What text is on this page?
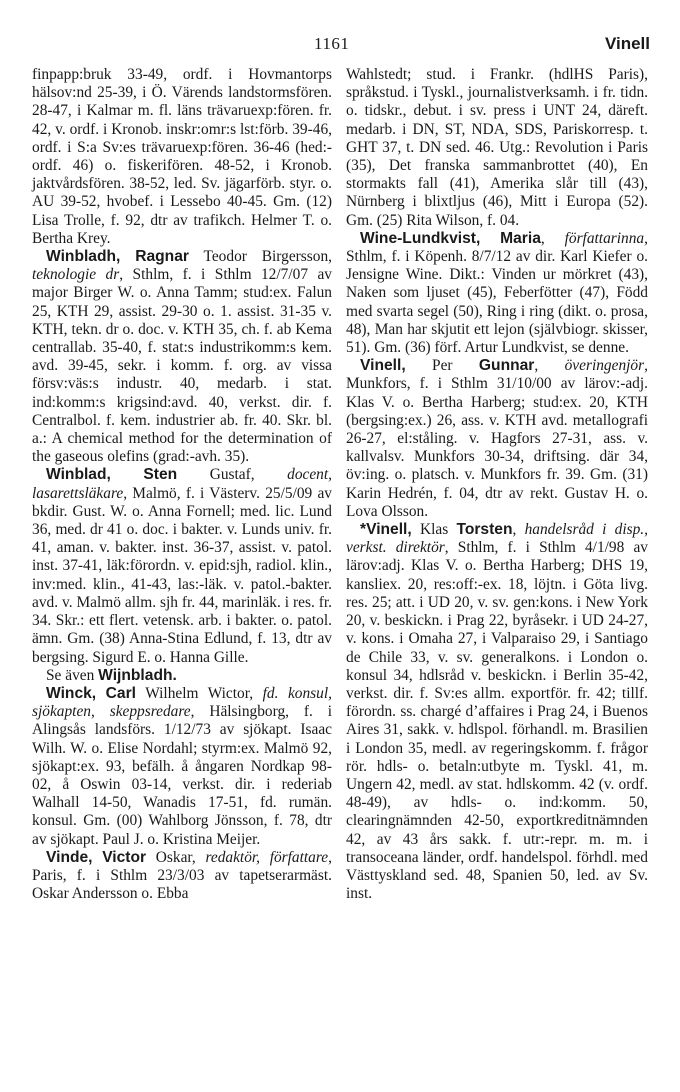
1161	Vinell

finpapp:bruk 33-49, ordf. i Hovmantorps hälsov:nd 25-39, i Ö. Värends landstormsfören. 28-47, i Kalmar m. fl. läns trävaruexp:fören. fr. 42, v. ordf. i Kronob. inskr:omr:s lst:förb. 39-46, ordf. i S:a Sv:es trävaruexp:fören. 36-46 (hed:-ordf. 46) o. fiskerifören. 48-52, i Kronob. jaktvårdsfören. 38-52, led. Sv. jägarförb. styr. o. AU 39-52, hvobef. i Lessebo 40-45. Gm. (12) Lisa Trolle, f. 92, dtr av trafikch. Helmer T. o. Bertha Krey.

Winbladh, Ragnar Teodor Birgersson, teknologie dr, Sthlm, f. i Sthlm 12/7/07 av major Birger W. o. Anna Tamm; stud:ex. Falun 25, KTH 29, assist. 29-30 o. 1. assist. 31-35 v. KTH, tekn. dr o. doc. v. KTH 35, ch. f. ab Kema centrallab. 35-40, f. stat:s industrikomm:s kem. avd. 39-45, sekr. i komm. f. org. av vissa försv:väs:s industr. 40, medarb. i stat. ind:komm:s krigsind:avd. 40, verkst. dir. f. Centralbol. f. kem. industrier ab. fr. 40. Skr. bl. a.: A chemical method for the determination of the gaseous olefins (grad:-avh. 35).

Winblad, Sten Gustaf, docent, lasarettsläkare, Malmö, f. i Västerv. 25/5/09 av bkdir. Gust. W. o. Anna Fornell; med. lic. Lund 36, med. dr 41 o. doc. i bakter. v. Lunds univ. fr. 41, aman. v. bakter. inst. 36-37, assist. v. patol. inst. 37-41, läk:förordn. v. epid:sjh, radiol. klin., inv:med. klin., 41-43, las:-läk. v. patol.-bakter. avd. v. Malmö allm. sjh fr. 44, marinläk. i res. fr. 34. Skr.: ett flert. vetensk. arb. i bakter. o. patol. ämn. Gm. (38) Anna-Stina Edlund, f. 13, dtr av bergsing. Sigurd E. o. Hanna Gille.

Se även Wijnbladh.

Winck, Carl Wilhelm Wictor, fd. konsul, sjökapten, skeppsredare, Hälsingborg, f. i Alingsås landsförs. 1/12/73 av sjökapt. Isaac Wilh. W. o. Elise Nordahl; styrm:ex. Malmö 92, sjökapt:ex. 93, befälh. å ångaren Nordkap 98-02, å Oswin 03-14, verkst. dir. i rederiab Walhall 14-50, Wanadis 17-51, fd. rumän. konsul. Gm. (00) Wahlborg Jönsson, f. 78, dtr av sjökapt. Paul J. o. Kristina Meijer.

Vinde, Victor Oskar, redaktör, författare, Paris, f. i Sthlm 23/3/03 av tapetserarmäst. Oskar Andersson o. Ebba

Wahlstedt; stud. i Frankr. (hdlHS Paris), språkstud. i Tyskl., journalistverksamh. i fr. tidn. o. tidskr., debut. i sv. press i UNT 24, däreft. medarb. i DN, ST, NDA, SDS, Pariskorresp. t. GHT 37, t. DN sed. 46. Utg.: Revolution i Paris (35), Det franska sammanbrottet (40), En stormakts fall (41), Amerika slår till (43), Nürnberg i blixtljus (46), Mitt i Europa (52). Gm. (25) Rita Wilson, f. 04.

Wine-Lundkvist, Maria, författarinna, Sthlm, f. i Köpenh. 8/7/12 av dir. Karl Kiefer o. Jensigne Wine. Dikt.: Vinden ur mörkret (43), Naken som ljuset (45), Feberfötter (47), Född med svarta segel (50), Ring i ring (dikt. o. prosa, 48), Man har skjutit ett lejon (självbiogr. skisser, 51). Gm. (36) förf. Artur Lundkvist, se denne.

Vinell, Per Gunnar, överingenjör, Munkfors, f. i Sthlm 31/10/00 av lärov:-adj. Klas V. o. Bertha Harberg; stud:ex. 20, KTH (bergsing:ex.) 26, ass. v. KTH avd. metallografi 26-27, el:ståling. v. Hagfors 27-31, ass. v. kallvalsv. Munkfors 30-34, driftsing. där 34, öv:ing. o. platsch. v. Munkfors fr. 39. Gm. (31) Karin Hedrén, f. 04, dtr av rekt. Gustav H. o. Lova Olsson.

*Vinell, Klas Torsten, handelsråd i disp., verkst. direktör, Sthlm, f. i Sthlm 4/1/98 av lärov:adj. Klas V. o. Bertha Harberg; DHS 19, kansliex. 20, res:off:-ex. 18, löjtn. i Göta livg. res. 25; att. i UD 20, v. sv. gen:kons. i New York 20, v. beskickn. i Prag 22, byråsekr. i UD 24-27, v. kons. i Omaha 27, i Valparaiso 29, i Santiago de Chile 33, v. sv. generalkons. i London o. konsul 34, hdlsråd v. beskickn. i Berlin 35-42, verkst. dir. f. Sv:es allm. exportför. fr. 42; tillf. förordn. ss. chargé d’affaires i Prag 24, i Buenos Aires 31, sakk. v. hdlspol. förhandl. m. Brasilien i London 35, medl. av regeringskomm. f. frågor rör. hdls- o. betaln:utbyte m. Tyskl. 41, m. Ungern 42, medl. av stat. hdlskomm. 42 (v. ordf. 48-49), av hdls- o. ind:komm. 50, clearingnämnden 42-50, exportkreditnämnden 42, av 43 års sakk. f. utr:-repr. m. m. i transoceana länder, ordf. handelspol. förhdl. med Västtyskland sed. 48, Spanien 50, led. av Sv. inst.
